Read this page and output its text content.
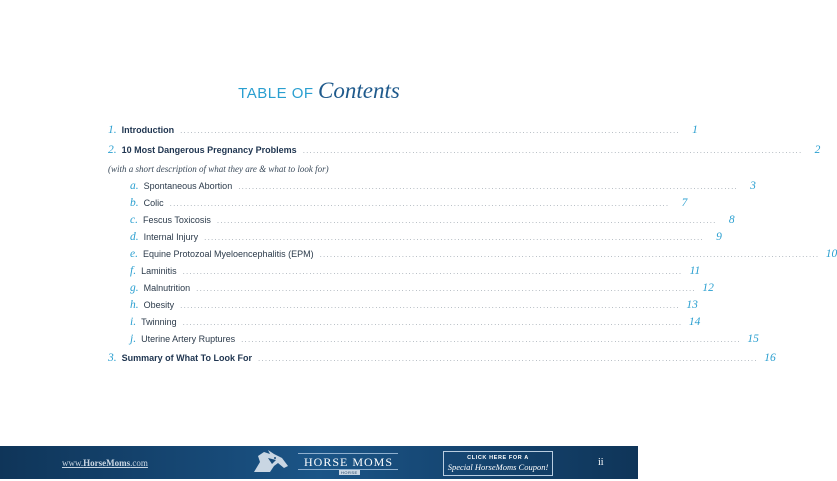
TABLE OF Contents
1. Introduction ..................................................................................................................................................	1
2. 10 Most Dangerous Pregnancy Problems ..................................................................................................................................................	2
(with a short description of what they are & what to look for)
a. Spontaneous Abortion ..................................................................................................................................................	3
b. Colic ..................................................................................................................................................	7
c. Fescus Toxicosis ..................................................................................................................................................	8
d. Internal Injury ..................................................................................................................................................	9
e. Equine Protozoal Myeloencephalitis (EPM) .................................................................................................................................................. 10
f. Laminitis .................................................................................................................................................. 11
g. Malnutrition .................................................................................................................................................. 12
h. Obesity .................................................................................................................................................. 13
i. Twinning .................................................................................................................................................. 14
j. Uterine Artery Ruptures .................................................................................................................................................. 15
3. Summary of What To Look For .................................................................................................................................................. 16
www.HorseMoms.com	HORSE MOMS
HORSE
CLICK HERE FOR A
Special HorseMoms Coupon!	ii
